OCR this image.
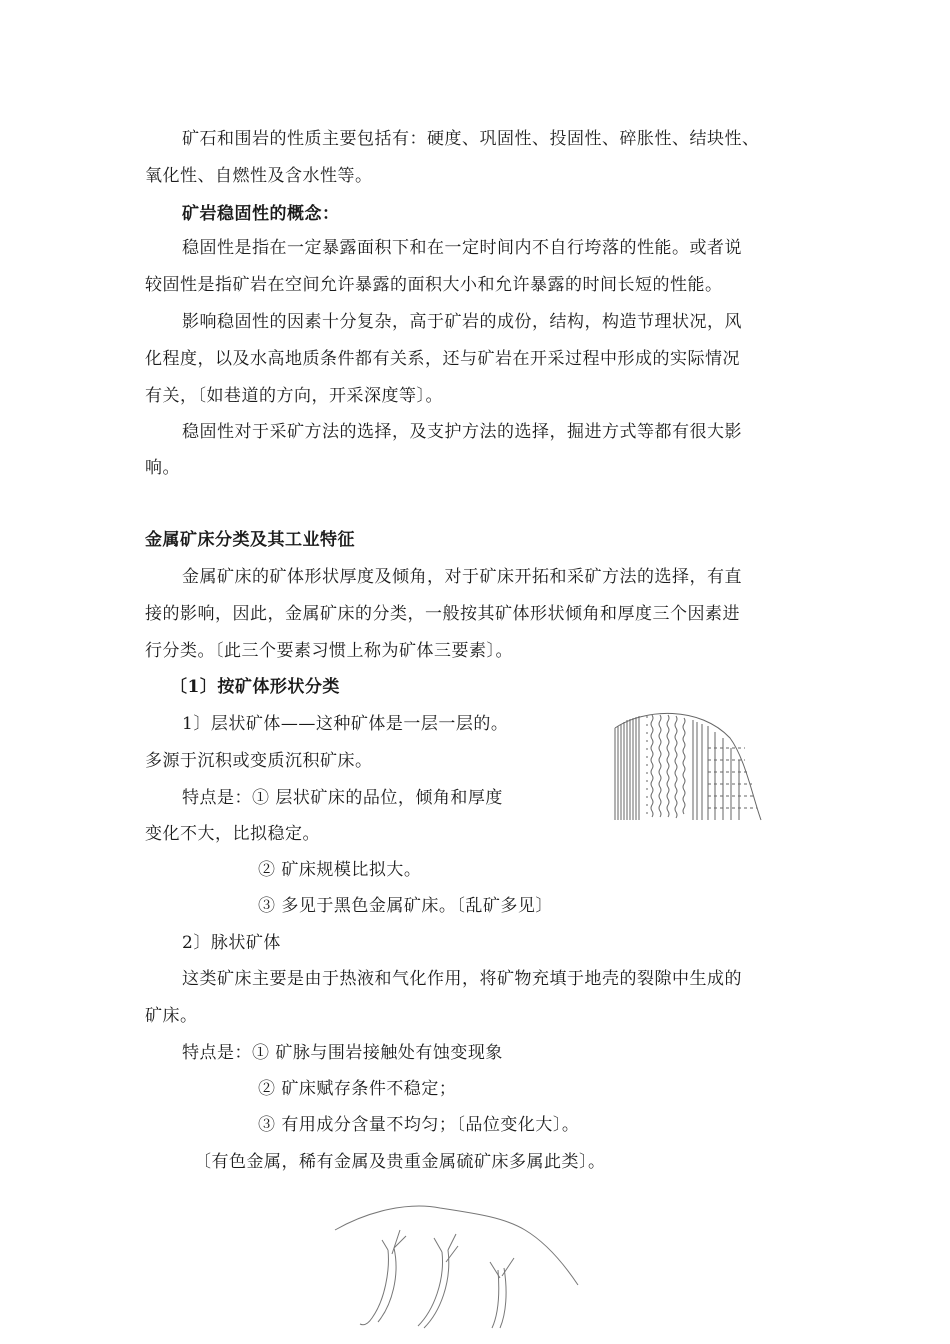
矿石和围岩的性质主要包括有：硬度、巩固性、投固性、碎胀性、结块性、
氧化性、自燃性及含水性等。
矿岩稳固性的概念：
稳固性是指在一定暴露面积下和在一定时间内不自行垮落的性能。或者说
较固性是指矿岩在空间允许暴露的面积大小和允许暴露的时间长短的性能。
影响稳固性的因素十分复杂，高于矿岩的成份，结构，构造节理状况，风
化程度，以及水高地质条件都有关系，还与矿岩在开采过程中形成的实际情况
有关，〔如巷道的方向，开采深度等〕。
稳固性对于采矿方法的选择，及支护方法的选择，掘进方式等都有很大影
响。
金属矿床分类及其工业特征
金属矿床的矿体形状厚度及倾角，对于矿床开拓和采矿方法的选择，有直
接的影响，因此，金属矿床的分类，一般按其矿体形状倾角和厚度三个因素进
行分类。〔此三个要素习惯上称为矿体三要素〕。
〔1〕按矿体形状分类
1〕层状矿体——这种矿体是一层一层的。
多源于沉积或变质沉积矿床。
特点是：① 层状矿床的品位，倾角和厚度
变化不大，比拟稳定。
② 矿床规模比拟大。
③ 多见于黑色金属矿床。〔乱矿多见〕
2〕脉状矿体
这类矿床主要是由于热液和气化作用，将矿物充填于地壳的裂隙中生成的
矿床。
特点是：① 矿脉与围岩接触处有蚀变现象
② 矿床赋存条件不稳定；
③ 有用成分含量不均匀；〔品位变化大〕。
〔有色金属，稀有金属及贵重金属硫矿床多属此类〕。
